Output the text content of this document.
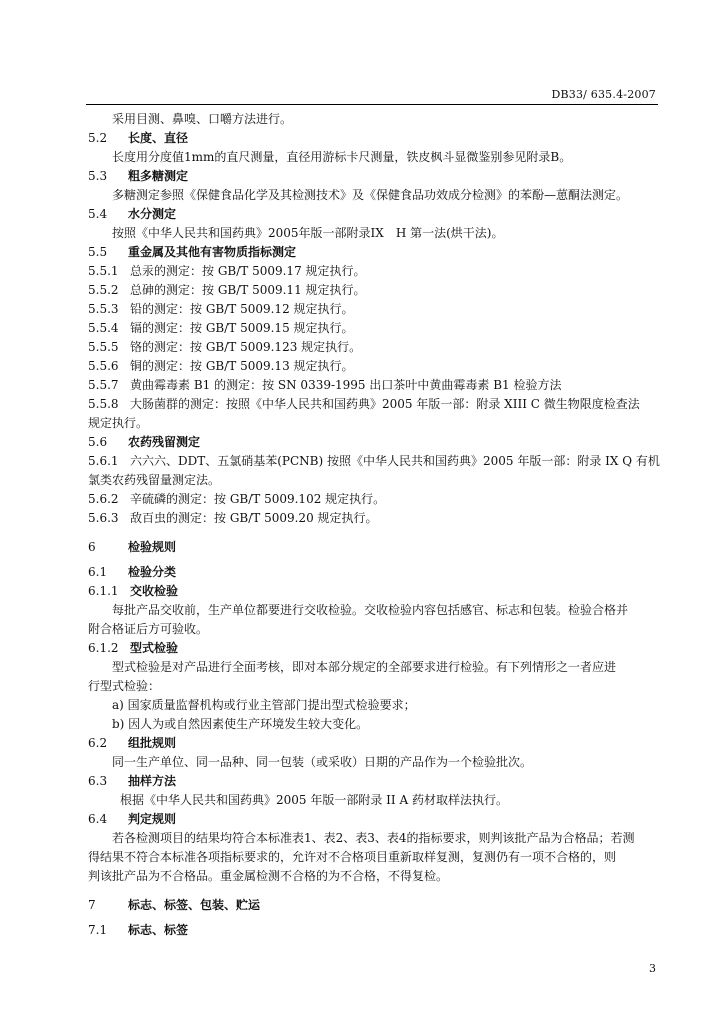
DB33/ 635.4-2007
采用目测、鼻嗅、口嚼方法进行。
5.2 长度、直径
长度用分度值1mm的直尺测量，直径用游标卡尺测量，铁皮枫斗显微鉴别参见附录B。
5.3 粗多糖测定
多糖测定参照《保健食品化学及其检测技术》及《保健食品功效成分检测》的苯酚—葸酮法测定。
5.4 水分测定
按照《中华人民共和国药典》2005年版一部附录IX　H 第一法(烘干法)。
5.5 重金属及其他有害物质指标测定
5.5.1 总汞的测定：按 GB/T 5009.17 规定执行。
5.5.2 总砷的测定：按 GB/T 5009.11 规定执行。
5.5.3 铅的测定：按 GB/T 5009.12 规定执行。
5.5.4 镉的测定：按 GB/T 5009.15 规定执行。
5.5.5 铬的测定：按 GB/T 5009.123 规定执行。
5.5.6 铜的测定：按 GB/T 5009.13 规定执行。
5.5.7 黄曲霉毒素 B1 的测定：按 SN 0339-1995 出口茶叶中黄曲霉毒素 B1 检验方法
5.5.8 大肠菌群的测定：按照《中华人民共和国药典》2005 年版一部：附录 XIII C 微生物限度检查法
规定执行。
5.6 农药残留测定
5.6.1 六六六、DDT、五氯硝基苯(PCNB) 按照《中华人民共和国药典》2005 年版一部：附录 IX Q 有机
氯类农药残留量测定法。
5.6.2 辛硫磷的测定：按 GB/T 5009.102 规定执行。
5.6.3 敌百虫的测定：按 GB/T 5009.20 规定执行。
6	检验规则
6.1 检验分类
6.1.1 交收检验
每批产品交收前，生产单位都要进行交收检验。交收检验内容包括感官、标志和包装。检验合格并
附合格证后方可验收。
6.1.2 型式检验
型式检验是对产品进行全面考核，即对本部分规定的全部要求进行检验。有下列情形之一者应进
行型式检验：
a) 国家质量监督机构或行业主管部门提出型式检验要求；
b) 因人为或自然因素使生产环境发生较大变化。
6.2 组批规则
同一生产单位、同一品种、同一包装（或采收）日期的产品作为一个检验批次。
6.3 抽样方法
根据《中华人民共和国药典》2005 年版一部附录 II A 药材取样法执行。
6.4 判定规则
若各检测项目的结果均符合本标准表1、表2、表3、表4的指标要求，则判该批产品为合格品；若测
得结果不符合本标准各项指标要求的，允许对不合格项目重新取样复测，复测仍有一项不合格的，则
判该批产品为不合格品。重金属检测不合格的为不合格，不得复检。
7	标志、标签、包装、贮运
7.1 标志、标签
3
